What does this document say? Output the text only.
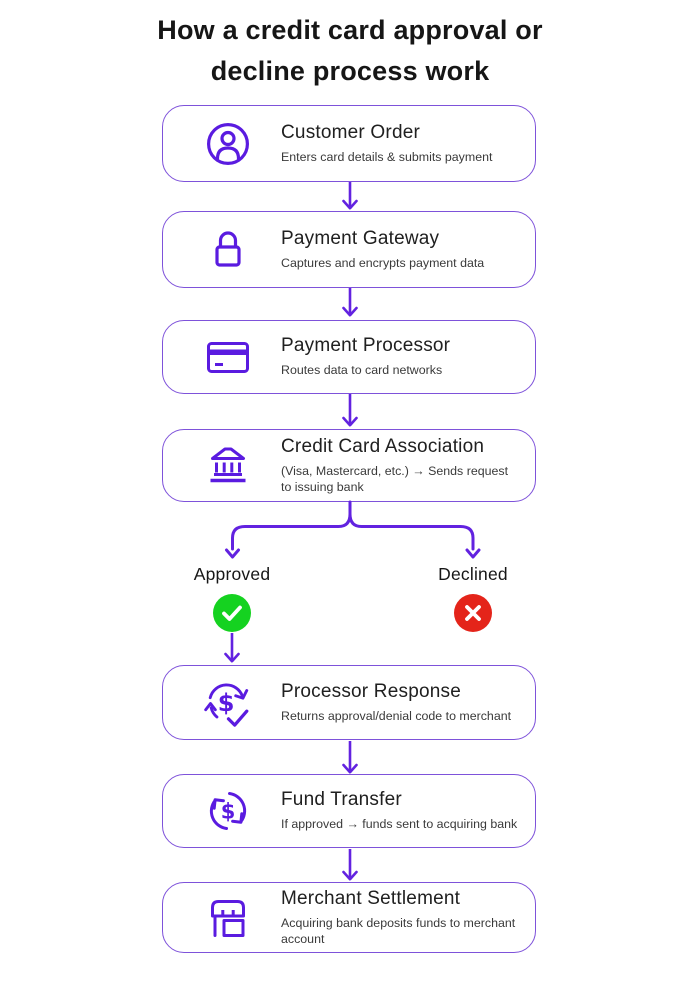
How a credit card approval or
decline process work
Customer Order
Enters card details & submits payment
Payment Gateway
Captures and encrypts payment data
Payment Processor
Routes data to card networks
Credit Card Association
(Visa, Mastercard, etc.) → Sends request to issuing bank
Approved	Declined
$ Processor Response
Returns approval/denial code to merchant
$ Fund Transfer
If approved → funds sent to acquiring bank
Merchant Settlement
Acquiring bank deposits funds to merchant account
